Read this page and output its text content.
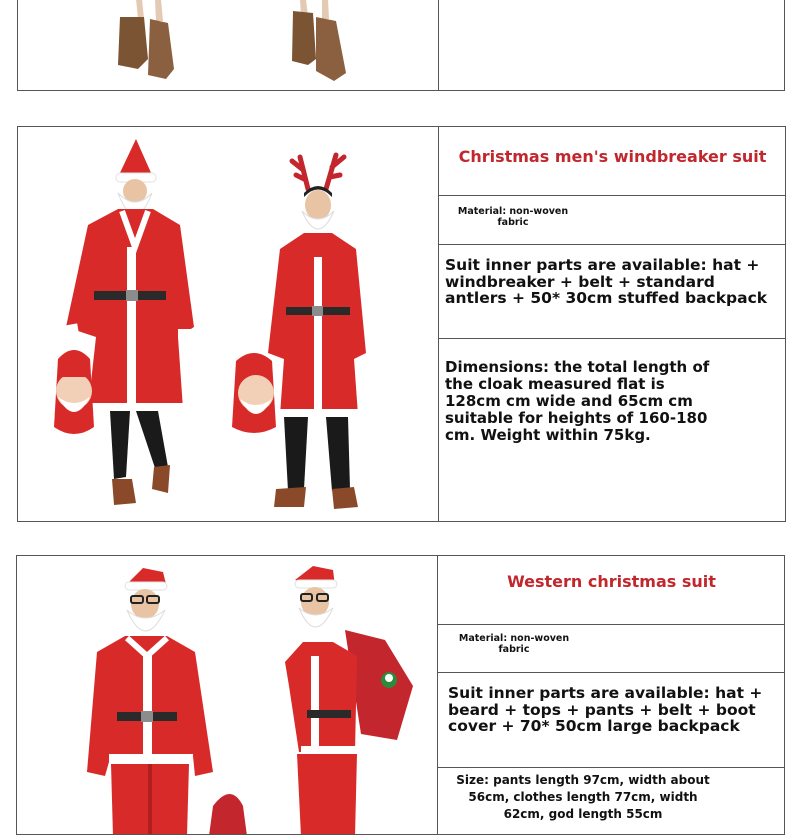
Christmas men's windbreaker suit
Material: non-woven fabric
Suit inner parts are available: hat + windbreaker + belt + standard antlers + 50* 30cm stuffed backpack
Dimensions: the total length of the cloak measured flat is 128cm cm wide and 65cm cm suitable for heights of 160-180 cm. Weight within 75kg.
Western christmas suit
Material: non-woven fabric
Suit inner parts are available: hat + beard + tops + pants + belt + boot cover + 70* 50cm large backpack
Size: pants length 97cm, width about 56cm, clothes length 77cm, width 62cm, god length 55cm
